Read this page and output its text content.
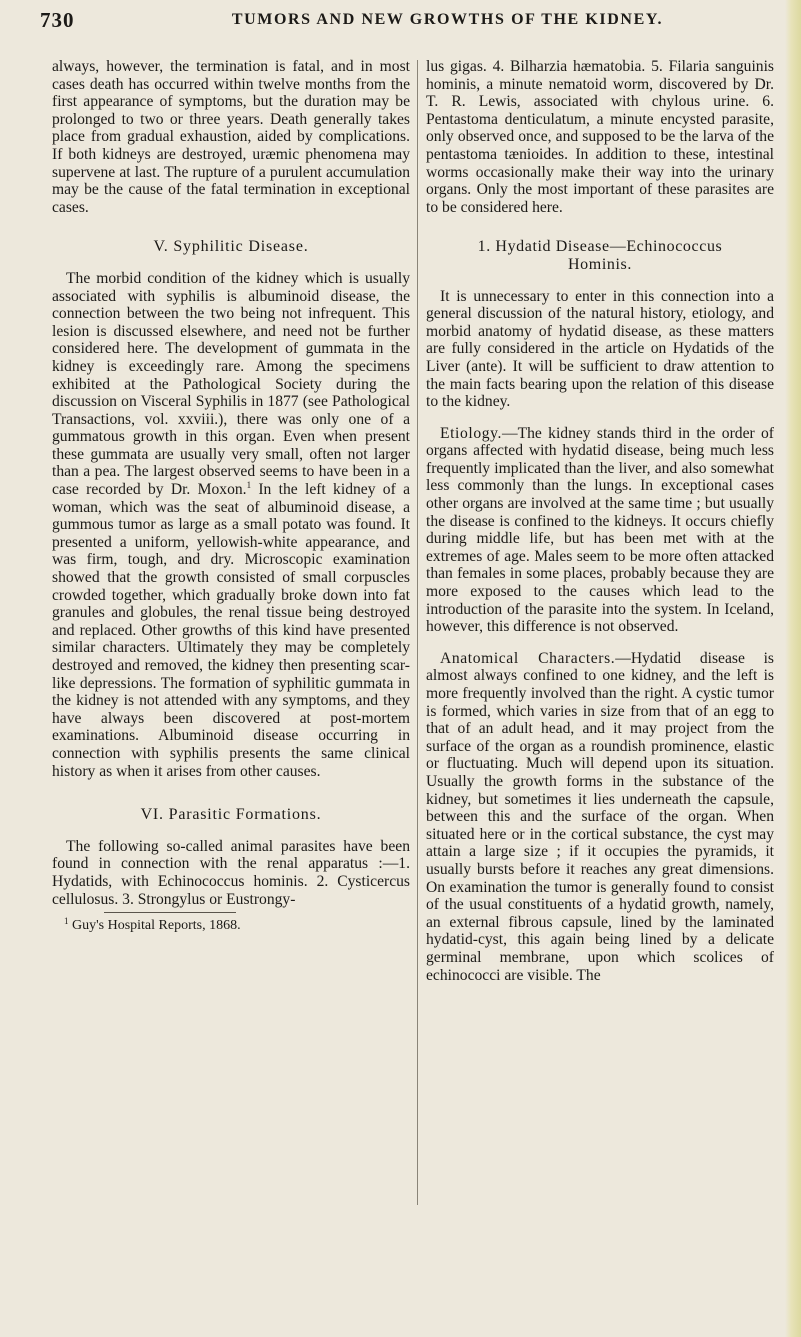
730	TUMORS AND NEW GROWTHS OF THE KIDNEY.

always, however, the termination is fatal, and in most cases death has occurred within twelve months from the first appearance of symptoms, but the duration may be prolonged to two or three years. Death generally takes place from gradual exhaustion, aided by complications. If both kidneys are destroyed, uræmic phenomena may supervene at last. The rupture of a purulent accumulation may be the cause of the fatal termination in exceptional cases.

V. Syphilitic Disease.

The morbid condition of the kidney which is usually associated with syphilis is albuminoid disease, the connection between the two being not infrequent. This lesion is discussed elsewhere, and need not be further considered here. The development of gummata in the kidney is exceedingly rare. Among the specimens exhibited at the Pathological Society during the discussion on Visceral Syphilis in 1877 (see Pathological Transactions, vol. xxviii.), there was only one of a gummatous growth in this organ. Even when present these gummata are usually very small, often not larger than a pea. The largest observed seems to have been in a case recorded by Dr. Moxon.$^1$ In the left kidney of a woman, which was the seat of albuminoid disease, a gummous tumor as large as a small potato was found. It presented a uniform, yellowish-white appearance, and was firm, tough, and dry. Microscopic examination showed that the growth consisted of small corpuscles crowded together, which gradually broke down into fat granules and globules, the renal tissue being destroyed and replaced. Other growths of this kind have presented similar characters. Ultimately they may be completely destroyed and removed, the kidney then presenting scar-like depressions. The formation of syphilitic gummata in the kidney is not attended with any symptoms, and they have always been discovered at post-mortem examinations. Albuminoid disease occurring in connection with syphilis presents the same clinical history as when it arises from other causes.

VI. Parasitic Formations.

The following so-called animal parasites have been found in connection with the renal apparatus :—1. Hydatids, with Echinococcus hominis. 2. Cysticercus cellulosus. 3. Strongylus or Eustrongy-

$^1$ Guy's Hospital Reports, 1868.

lus gigas. 4. Bilharzia hæmatobia. 5. Filaria sanguinis hominis, a minute nematoid worm, discovered by Dr. T. R. Lewis, associated with chylous urine. 6. Pentastoma denticulatum, a minute encysted parasite, only observed once, and supposed to be the larva of the pentastoma tænioides. In addition to these, intestinal worms occasionally make their way into the urinary organs. Only the most important of these parasites are to be considered here.

1. Hydatid Disease—Echinococcus
Hominis.

It is unnecessary to enter in this connection into a general discussion of the natural history, etiology, and morbid anatomy of hydatid disease, as these matters are fully considered in the article on Hydatids of the Liver (ante). It will be sufficient to draw attention to the main facts bearing upon the relation of this disease to the kidney.

Etiology.—The kidney stands third in the order of organs affected with hydatid disease, being much less frequently implicated than the liver, and also somewhat less commonly than the lungs. In exceptional cases other organs are involved at the same time ; but usually the disease is confined to the kidneys. It occurs chiefly during middle life, but has been met with at the extremes of age. Males seem to be more often attacked than females in some places, probably because they are more exposed to the causes which lead to the introduction of the parasite into the system. In Iceland, however, this difference is not observed.

Anatomical Characters.—Hydatid disease is almost always confined to one kidney, and the left is more frequently involved than the right. A cystic tumor is formed, which varies in size from that of an egg to that of an adult head, and it may project from the surface of the organ as a roundish prominence, elastic or fluctuating. Much will depend upon its situation. Usually the growth forms in the substance of the kidney, but sometimes it lies underneath the capsule, between this and the surface of the organ. When situated here or in the cortical substance, the cyst may attain a large size ; if it occupies the pyramids, it usually bursts before it reaches any great dimensions. On examination the tumor is generally found to consist of the usual constituents of a hydatid growth, namely, an external fibrous capsule, lined by the laminated hydatid-cyst, this again being lined by a delicate germinal membrane, upon which scolices of echinococci are visible. The
